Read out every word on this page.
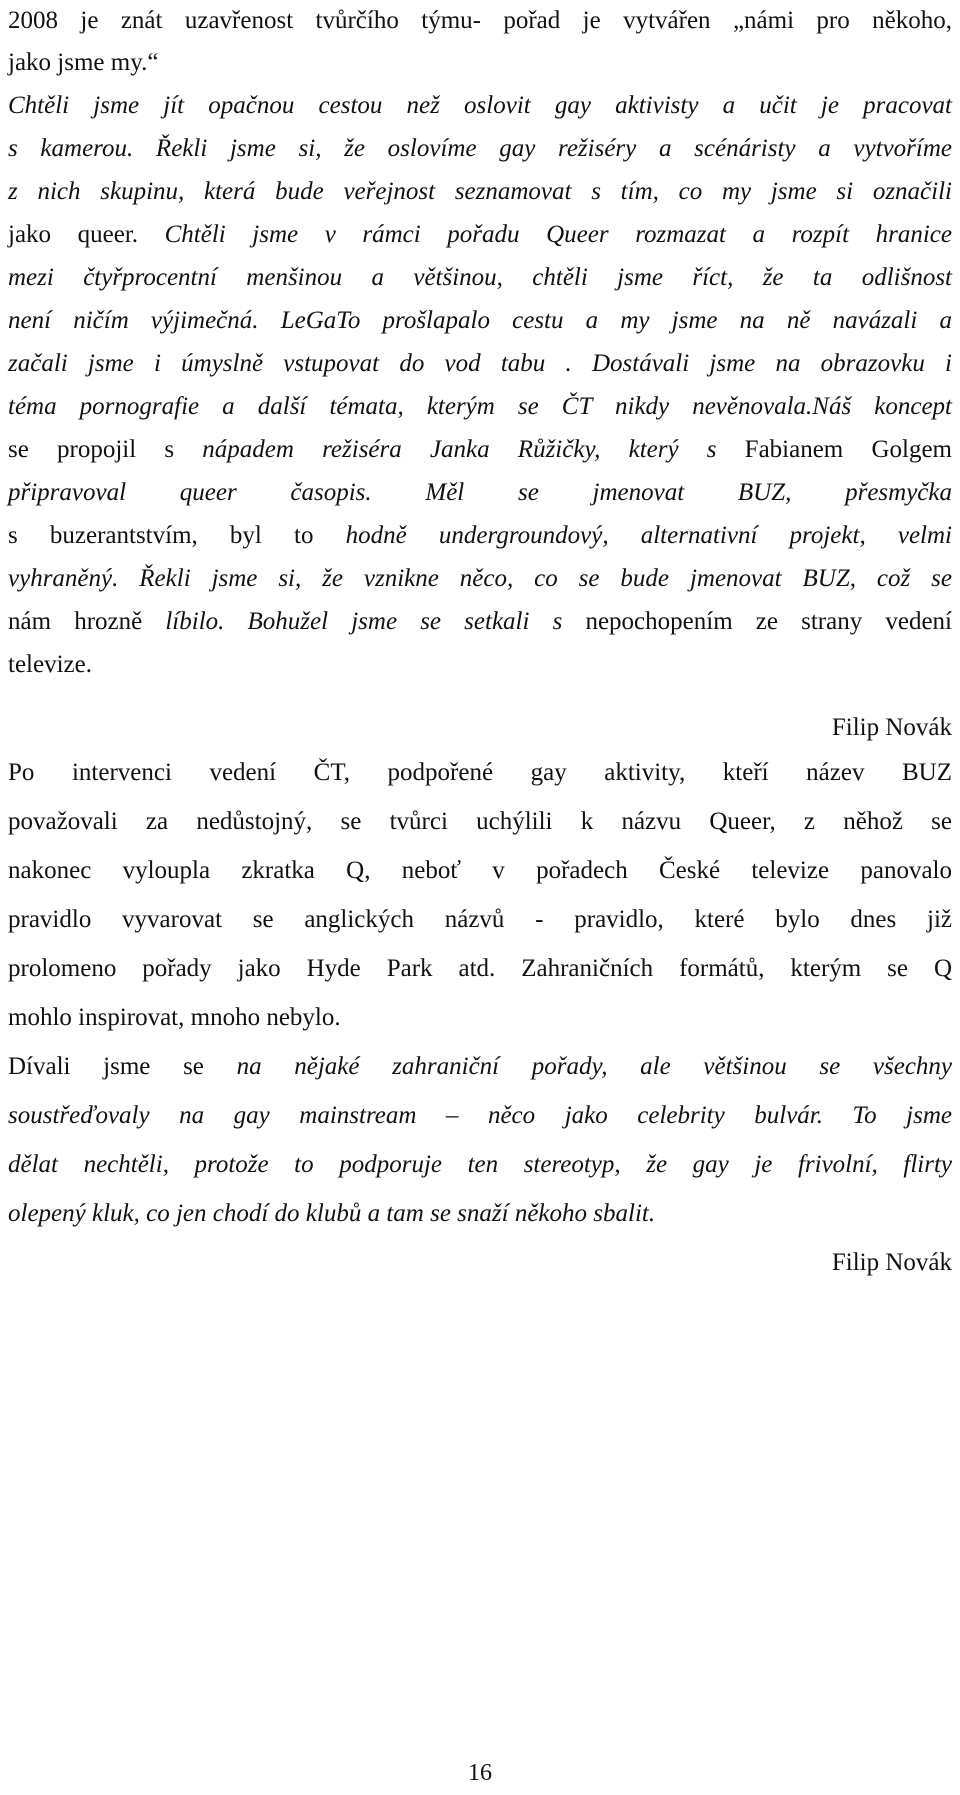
2008 je znát uzavřenost tvůrčího týmu- pořad je vytvářen „námi pro někoho,
jako jsme my.“
Chtěli jsme jít opačnou cestou než oslovit gay aktivisty a učit je pracovat
s kamerou. Řekli jsme si, že oslovíme gay režiséry a scénáristy a vytvoříme
z nich skupinu, která bude veřejnost seznamovat s tím, co my jsme si označili
jako queer. Chtěli jsme v rámci pořadu Queer rozmazat a rozpít hranice
mezi čtyřprocentní menšinou a většinou, chtěli jsme říct, že ta odlišnost
není ničím výjimečná. LeGaTo prošlapalo cestu a my jsme na ně navázali a
začali jsme i úmyslně vstupovat do vod tabu . Dostávali jsme na obrazovku i
téma pornografie a další témata, kterým se ČT nikdy nevěnovala.Náš koncept
se propojil s nápadem režiséra Janka Růžičky, který s Fabianem Golgem
připravoval queer časopis. Měl se jmenovat BUZ, přesmyčka
s buzerantstvím, byl to hodně undergroundový, alternativní projekt, velmi
vyhraněný. Řekli jsme si, že vznikne něco, co se bude jmenovat BUZ, což se
nám hrozně líbilo. Bohužel jsme se setkali s nepochopením ze strany vedení
televize.
Filip Novák
Po intervenci vedení ČT, podpořené gay aktivity, kteří název BUZ
považovali za nedůstojný, se tvůrci uchýlili k názvu Queer, z něhož se
nakonec vyloupla zkratka Q, neboť v pořadech České televize panovalo
pravidlo vyvarovat se anglických názvů - pravidlo, které bylo dnes již
prolomeno pořady jako Hyde Park atd. Zahraničních formátů, kterým se Q
mohlo inspirovat, mnoho nebylo.
Dívali jsme se na nějaké zahraniční pořady, ale většinou se všechny
soustřeďovaly na gay mainstream – něco jako celebrity bulvár. To jsme
dělat nechtěli, protože to podporuje ten stereotyp, že gay je frivolní, flirty
olepený kluk, co jen chodí do klubů a tam se snaží někoho sbalit.
Filip Novák
16
